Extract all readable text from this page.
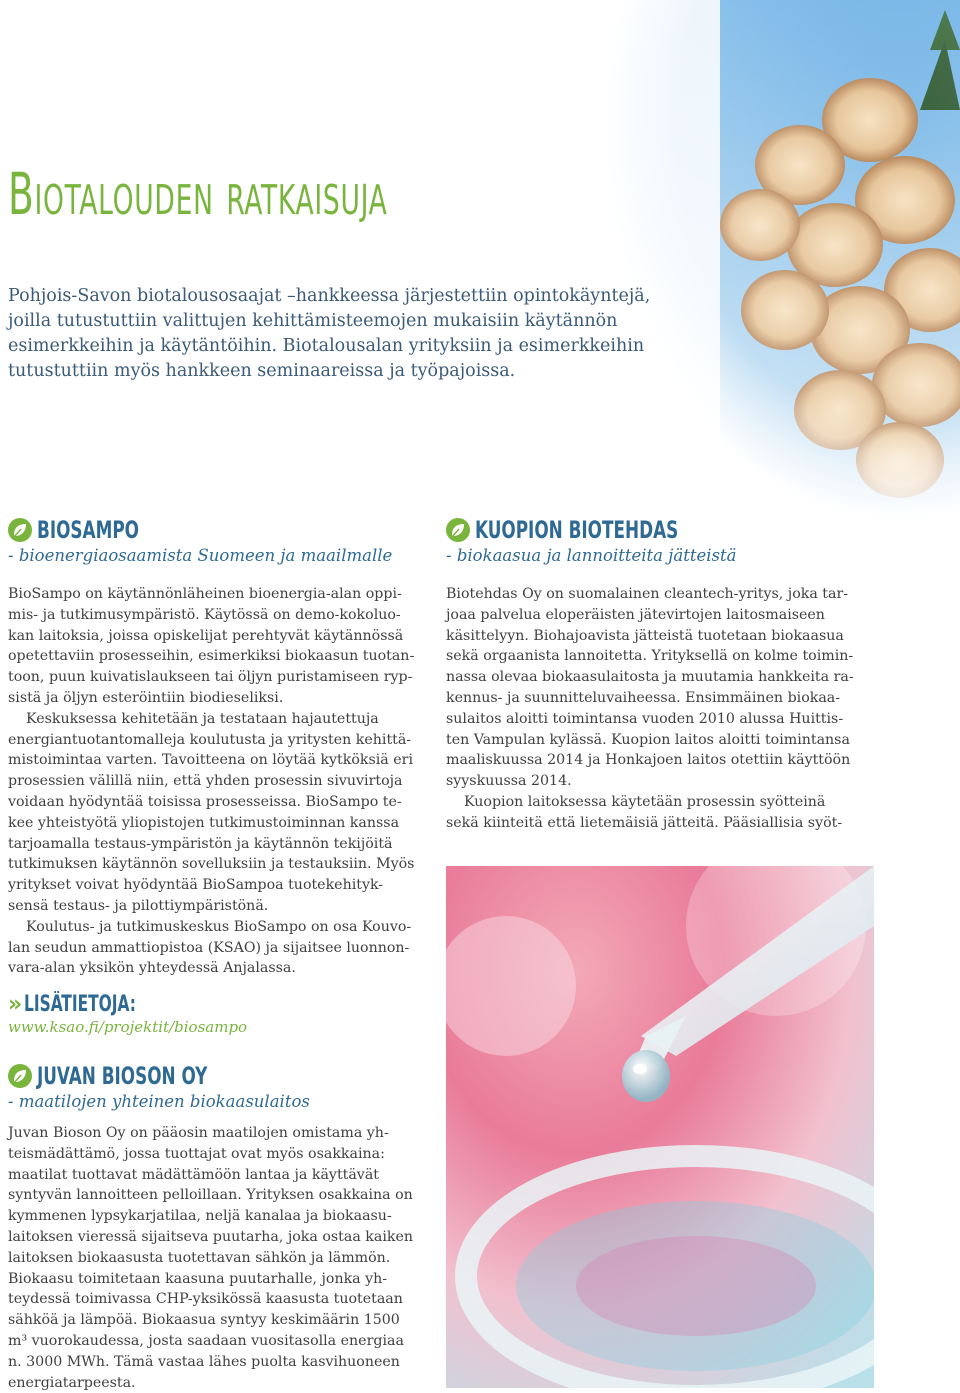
Biotalouden ratkaisuja
Pohjois-Savon biotalousosaajat –hankkeessa järjestettiin opintokäyntejä,
joilla tutustuttiin valittujen kehittämisteemojen mukaisiin käytännön
esimerkkeihin ja käytäntöihin. Biotalousalan yrityksiin ja esimerkkeihin
tutustuttiin myös hankkeen seminaareissa ja työpajoissa.
BIOSAMPO
- bioenergiaosaamista Suomeen ja maailmalle
BioSampo on käytännönläheinen bioenergia-alan oppi-
mis- ja tutkimusympäristö. Käytössä on demo-kokoluo-
kan laitoksia, joissa opiskelijat perehtyvät käytännössä
opetettaviin prosesseihin, esimerkiksi biokaasun tuotan-
toon, puun kuivatislaukseen tai öljyn puristamiseen ryp-
sistä ja öljyn esteröintiin biodieseliksi.
Keskuksessa kehitetään ja testataan hajautettuja
energiantuotantomalleja koulutusta ja yritysten kehittä-
mistoimintaa varten. Tavoitteena on löytää kytköksiä eri
prosessien välillä niin, että yhden prosessin sivuvirtoja
voidaan hyödyntää toisissa prosesseissa. BioSampo te-
kee yhteistyötä yliopistojen tutkimustoiminnan kanssa
tarjoamalla testaus-ympäristön ja käytännön tekijöitä
tutkimuksen käytännön sovelluksiin ja testauksiin. Myös
yritykset voivat hyödyntää BioSampoa tuotekehityk-
sensä testaus- ja pilottiympäristönä.
Koulutus- ja tutkimuskeskus BioSampo on osa Kouvo-
lan seudun ammattiopistoa (KSAO) ja sijaitsee luonnon-
vara-alan yksikön yhteydessä Anjalassa.
» LISÄTIETOJA:
www.ksao.fi/projektit/biosampo
JUVAN BIOSON OY
- maatilojen yhteinen biokaasulaitos
Juvan Bioson Oy on pääosin maatilojen omistama yh-
teismädättämö, jossa tuottajat ovat myös osakkaina:
maatilat tuottavat mädättämöön lantaa ja käyttävät
syntyvän lannoitteen pelloillaan. Yrityksen osakkaina on
kymmenen lypsykarjatilaa, neljä kanalaa ja biokaasu-
laitoksen vieressä sijaitseva puutarha, joka ostaa kaiken
laitoksen biokaasusta tuotettavan sähkön ja lämmön.
Biokaasu toimitetaan kaasuna puutarhalle, jonka yh-
teydessä toimivassa CHP-yksikössä kaasusta tuotetaan
sähköä ja lämpöä. Biokaasua syntyy keskimäärin 1500
m³ vuorokaudessa, josta saadaan vuositasolla energiaa
n. 3000 MWh. Tämä vastaa lähes puolta kasvihuoneen
energiatarpeesta.
KUOPION BIOTEHDAS
- biokaasua ja lannoitteita jätteistä
Biotehdas Oy on suomalainen cleantech-yritys, joka tar-
joaa palvelua eloperäisten jätevirtojen laitosmaiseen
käsittelyyn. Biohajoavista jätteistä tuotetaan biokaasua
sekä orgaanista lannoitetta. Yrityksellä on kolme toimin-
nassa olevaa biokaasulaitosta ja muutamia hankkeita ra-
kennus- ja suunnitteluvaiheessa. Ensimmäinen biokaa-
sulaitos aloitti toimintansa vuoden 2010 alussa Huittis-
ten Vampulan kylässä. Kuopion laitos aloitti toimintansa
maaliskuussa 2014 ja Honkajoen laitos otettiin käyttöön
syyskuussa 2014.
Kuopion laitoksessa käytetään prosessin syötteinä
sekä kiinteitä että lietemäisiä jätteitä. Pääsiallisia syöt-
